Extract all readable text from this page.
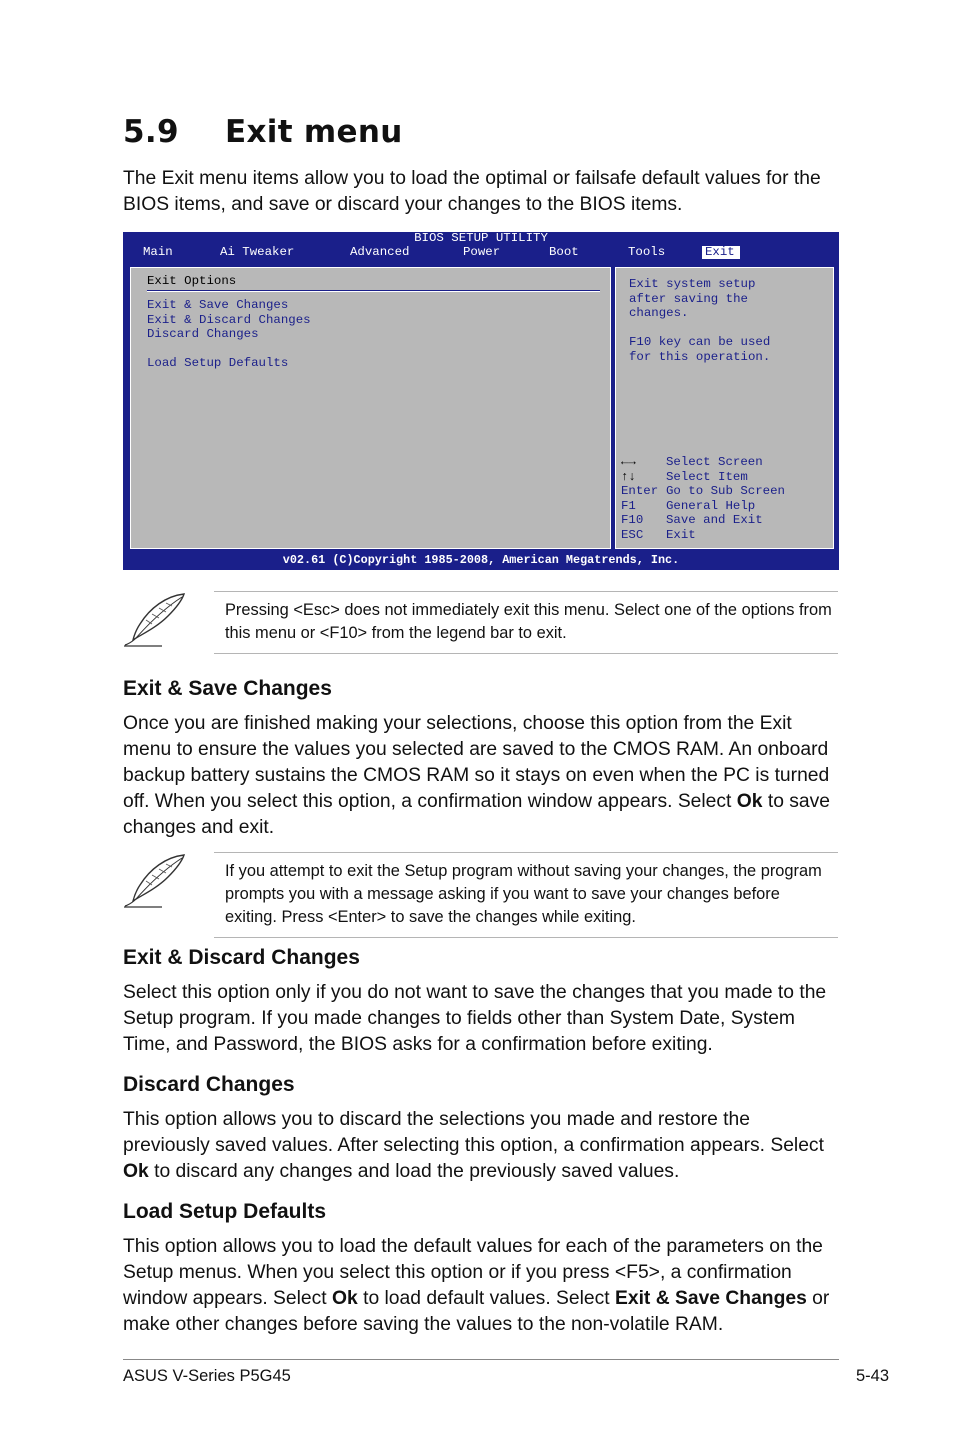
5.9 Exit menu
The Exit menu items allow you to load the optimal or failsafe default values for the BIOS items, and save or discard your changes to the BIOS items.
BIOS SETUP UTILITY
Main	Ai Tweaker	Advanced	Power	Boot	Tools	Exit
Exit Options
Exit & Save Changes
Exit & Discard Changes
Discard Changes
Load Setup Defaults
Exit system setup
after saving the
changes.
F10 key can be used
for this operation.
←→ Select Screen
↑↓ Select Item
Enter Go to Sub Screen
F1 General Help
F10 Save and Exit
ESC Exit
v02.61 (C)Copyright 1985-2008, American Megatrends, Inc.
Pressing <Esc> does not immediately exit this menu. Select one of the options from this menu or <F10> from the legend bar to exit.
Exit & Save Changes
Once you are finished making your selections, choose this option from the Exit menu to ensure the values you selected are saved to the CMOS RAM. An onboard backup battery sustains the CMOS RAM so it stays on even when the PC is turned off. When you select this option, a confirmation window appears. Select Ok to save changes and exit.
If you attempt to exit the Setup program without saving your changes, the program prompts you with a message asking if you want to save your changes before exiting. Press <Enter> to save the changes while exiting.
Exit & Discard Changes
Select this option only if you do not want to save the changes that you made to the Setup program. If you made changes to fields other than System Date, System Time, and Password, the BIOS asks for a confirmation before exiting.
Discard Changes
This option allows you to discard the selections you made and restore the previously saved values. After selecting this option, a confirmation appears. Select Ok to discard any changes and load the previously saved values.
Load Setup Defaults
This option allows you to load the default values for each of the parameters on the Setup menus. When you select this option or if you press <F5>, a confirmation window appears. Select Ok to load default values. Select Exit & Save Changes or make other changes before saving the values to the non-volatile RAM.
ASUS V-Series P5G45	5-43
